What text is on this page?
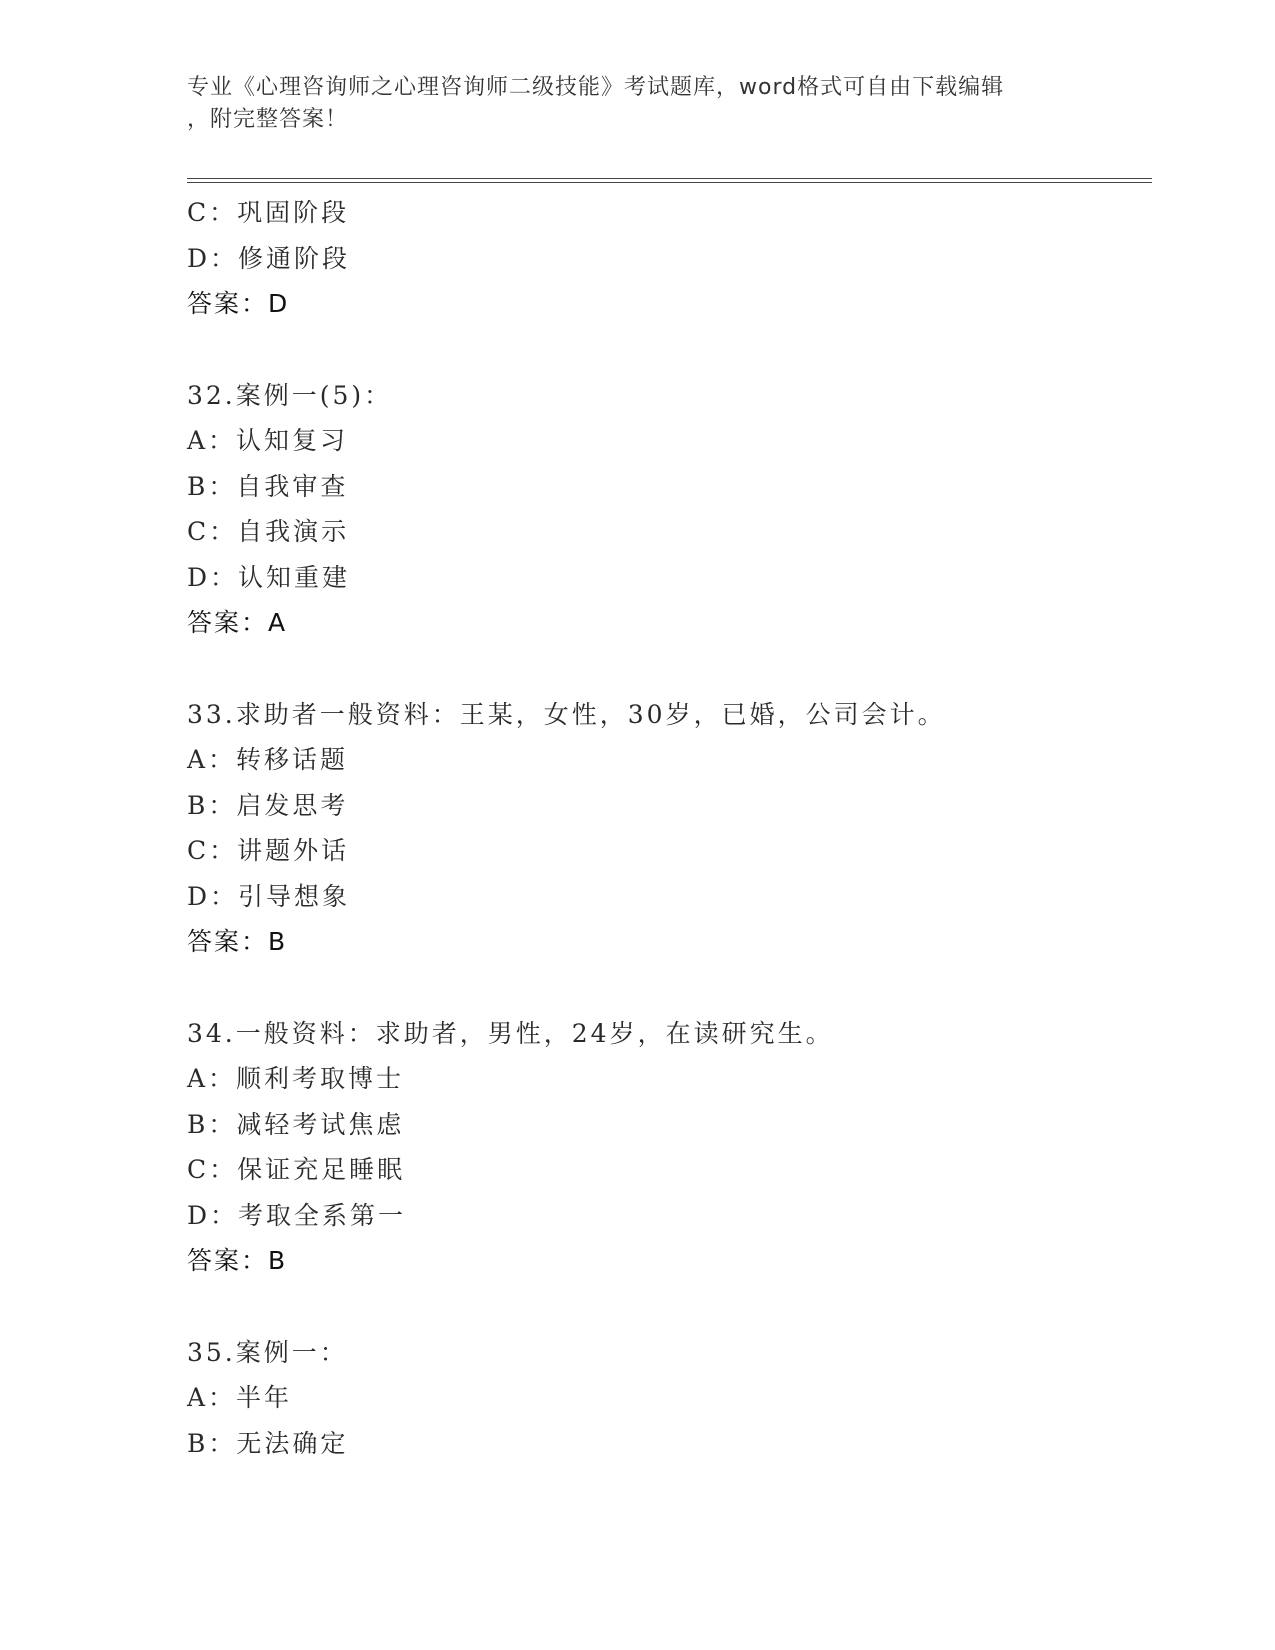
专业《心理咨询师之心理咨询师二级技能》考试题库，word格式可自由下载编辑
，附完整答案！
C：巩固阶段
D：修通阶段
答案：D
32.案例一(5)：
A：认知复习
B：自我审查
C：自我演示
D：认知重建
答案：A
33.求助者一般资料：王某，女性，30岁，已婚，公司会计。
A：转移话题
B：启发思考
C：讲题外话
D：引导想象
答案：B
34.一般资料：求助者，男性，24岁，在读研究生。
A：顺利考取博士
B：减轻考试焦虑
C：保证充足睡眠
D：考取全系第一
答案：B
35.案例一：
A：半年
B：无法确定
